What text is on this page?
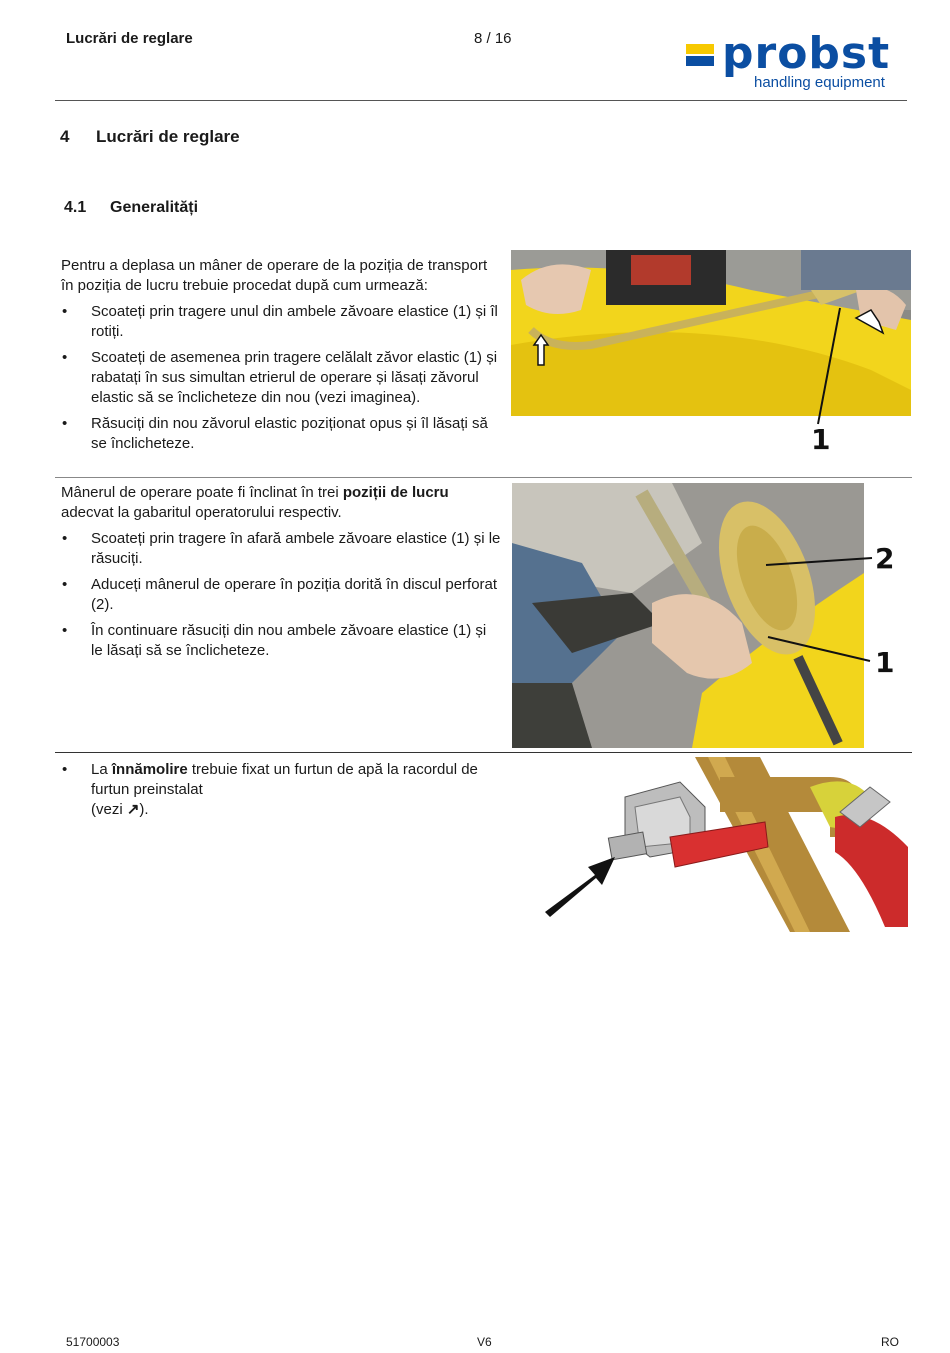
Lucrări de reglare	8 / 16	probst
handling equipment
4 Lucrări de reglare
4.1 Generalități
Pentru a deplasa un mâner de operare de la poziția de transport în poziția de lucru trebuie procedat după cum urmează:
• Scoateți prin tragere unul din ambele zăvoare elastice (1) și îl rotiți.
• Scoateți de asemenea prin tragere celălalt zăvor elastic (1) și rabatați în sus simultan etrierul de operare și lăsați zăvorul elastic să se înclicheteze din nou (vezi imaginea).
• Răsuciți din nou zăvorul elastic poziționat opus și îl lăsați să se înclicheteze.	1
Mânerul de operare poate fi înclinat în trei poziții de lucru adecvat la gabaritul operatorului respectiv.
• Scoateți prin tragere în afară ambele zăvoare elastice (1) și le răsuciți.
• Aduceți mânerul de operare în poziția dorită în discul perforat (2).
• În continuare răsuciți din nou ambele zăvoare elastice (1) și le lăsați să se înclicheteze.
2
1
• La înnămolire trebuie fixat un furtun de apă la racordul de furtun preinstalat
(vezi ↗).
51700003	V6	RO
